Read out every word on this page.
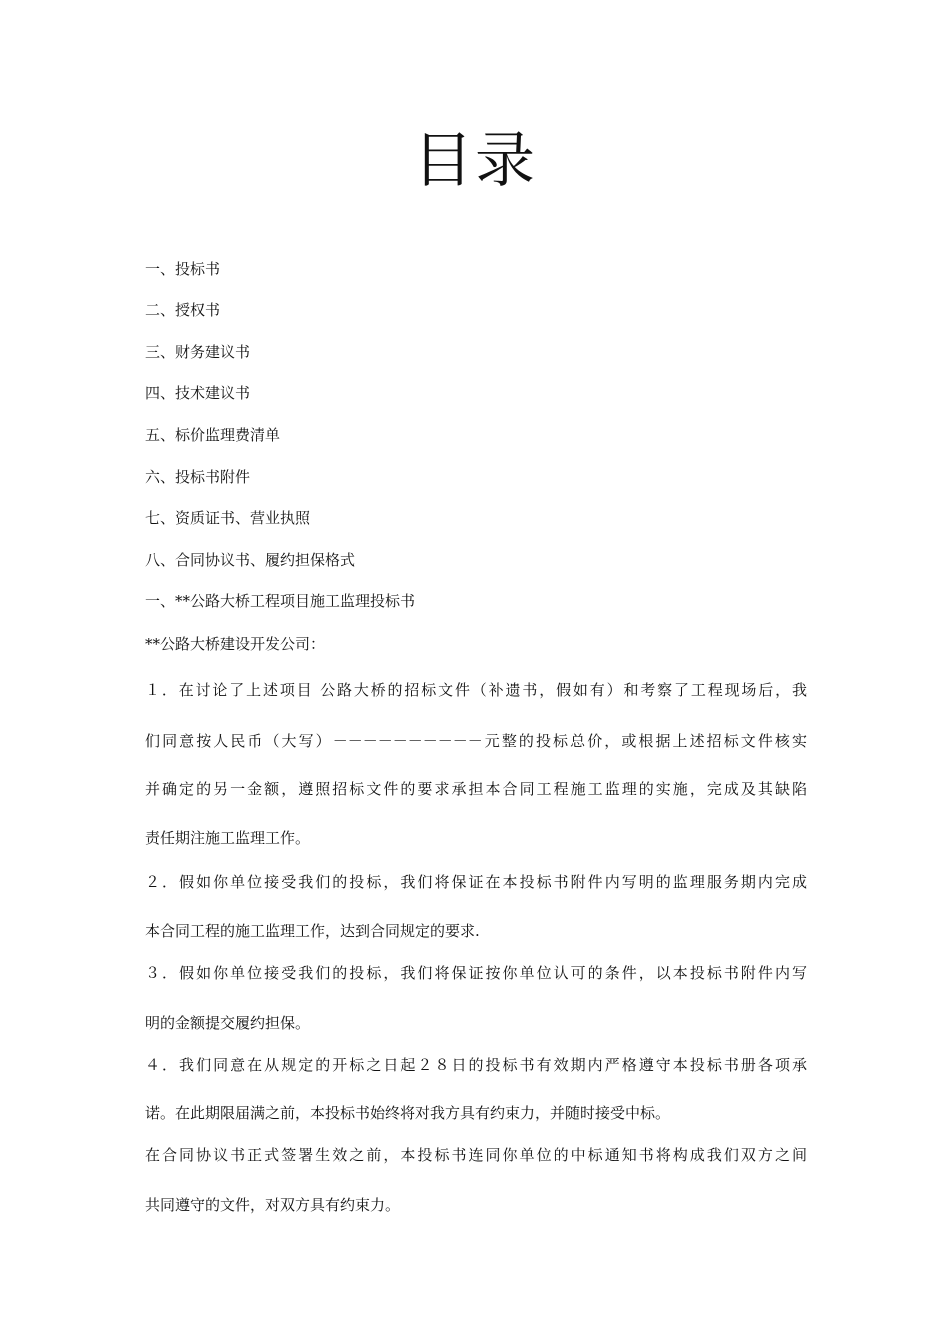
目录

一、投标书

二、授权书

三、财务建议书

四、技术建议书

五、标价监理费清单

六、投标书附件

七、资质证书、营业执照

八、合同协议书、履约担保格式

一、**公路大桥工程项目施工监理投标书

**公路大桥建设开发公司：

１．在讨论了上述项目 公路大桥的招标文件（补遗书，假如有）和考察了工程现场后，我

们同意按人民币（大写）－－－－－－－－－－元整的投标总价，或根据上述招标文件核实

并确定的另一金额，遵照招标文件的要求承担本合同工程施工监理的实施，完成及其缺陷

责任期注施工监理工作。

２．假如你单位接受我们的投标，我们将保证在本投标书附件内写明的监理服务期内完成

本合同工程的施工监理工作，达到合同规定的要求.

３．假如你单位接受我们的投标，我们将保证按你单位认可的条件，以本投标书附件内写

明的金额提交履约担保。

４．我们同意在从规定的开标之日起２８日的投标书有效期内严格遵守本投标书册各项承

诺。在此期限届满之前，本投标书始终将对我方具有约束力，并随时接受中标。

在合同协议书正式签署生效之前，本投标书连同你单位的中标通知书将构成我们双方之间

共同遵守的文件，对双方具有约束力。
